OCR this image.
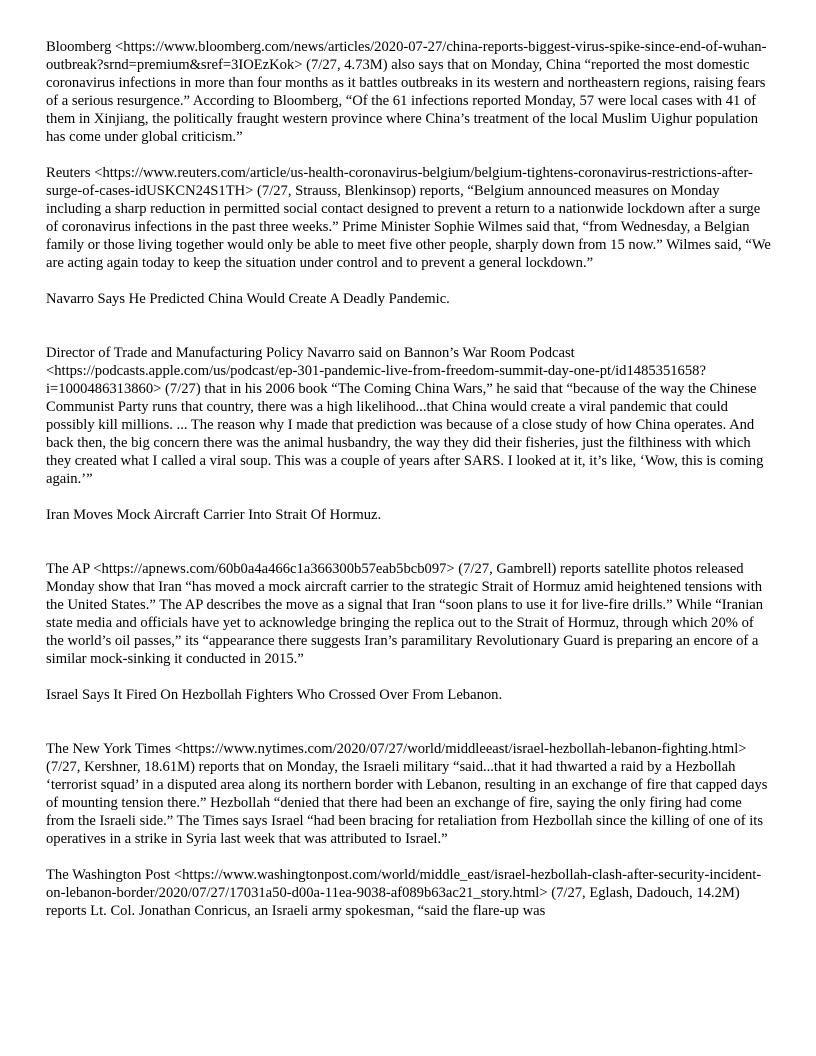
Bloomberg <https://www.bloomberg.com/news/articles/2020-07-27/china-reports-biggest-virus-spike-since-end-of-wuhan-outbreak?srnd=premium&sref=3IOEzKok> (7/27, 4.73M) also says that on Monday, China “reported the most domestic coronavirus infections in more than four months as it battles outbreaks in its western and northeastern regions, raising fears of a serious resurgence.” According to Bloomberg, “Of the 61 infections reported Monday, 57 were local cases with 41 of them in Xinjiang, the politically fraught western province where China’s treatment of the local Muslim Uighur population has come under global criticism.”

Reuters <https://www.reuters.com/article/us-health-coronavirus-belgium/belgium-tightens-coronavirus-restrictions-after-surge-of-cases-idUSKCN24S1TH> (7/27, Strauss, Blenkinsop) reports, “Belgium announced measures on Monday including a sharp reduction in permitted social contact designed to prevent a return to a nationwide lockdown after a surge of coronavirus infections in the past three weeks.” Prime Minister Sophie Wilmes said that, “from Wednesday, a Belgian family or those living together would only be able to meet five other people, sharply down from 15 now.” Wilmes said, “We are acting again today to keep the situation under control and to prevent a general lockdown.”

Navarro Says He Predicted China Would Create A Deadly Pandemic.

Director of Trade and Manufacturing Policy Navarro said on Bannon’s War Room Podcast <https://podcasts.apple.com/us/podcast/ep-301-pandemic-live-from-freedom-summit-day-one-pt/id1485351658?i=1000486313860> (7/27) that in his 2006 book “The Coming China Wars,” he said that “because of the way the Chinese Communist Party runs that country, there was a high likelihood...that China would create a viral pandemic that could possibly kill millions. ... The reason why I made that prediction was because of a close study of how China operates. And back then, the big concern there was the animal husbandry, the way they did their fisheries, just the filthiness with which they created what I called a viral soup. This was a couple of years after SARS. I looked at it, it’s like, ‘Wow, this is coming again.’”

Iran Moves Mock Aircraft Carrier Into Strait Of Hormuz.

The AP <https://apnews.com/60b0a4a466c1a366300b57eab5bcb097> (7/27, Gambrell) reports satellite photos released Monday show that Iran “has moved a mock aircraft carrier to the strategic Strait of Hormuz amid heightened tensions with the United States.” The AP describes the move as a signal that Iran “soon plans to use it for live-fire drills.” While “Iranian state media and officials have yet to acknowledge bringing the replica out to the Strait of Hormuz, through which 20% of the world’s oil passes,” its “appearance there suggests Iran’s paramilitary Revolutionary Guard is preparing an encore of a similar mock-sinking it conducted in 2015.”

Israel Says It Fired On Hezbollah Fighters Who Crossed Over From Lebanon.

The New York Times <https://www.nytimes.com/2020/07/27/world/middleeast/israel-hezbollah-lebanon-fighting.html> (7/27, Kershner, 18.61M) reports that on Monday, the Israeli military “said...that it had thwarted a raid by a Hezbollah ‘terrorist squad’ in a disputed area along its northern border with Lebanon, resulting in an exchange of fire that capped days of mounting tension there.” Hezbollah “denied that there had been an exchange of fire, saying the only firing had come from the Israeli side.” The Times says Israel “had been bracing for retaliation from Hezbollah since the killing of one of its operatives in a strike in Syria last week that was attributed to Israel.”

The Washington Post <https://www.washingtonpost.com/world/middle_east/israel-hezbollah-clash-after-security-incident-on-lebanon-border/2020/07/27/17031a50-d00a-11ea-9038-af089b63ac21_story.html> (7/27, Eglash, Dadouch, 14.2M) reports Lt. Col. Jonathan Conricus, an Israeli army spokesman, “said the flare-up was
